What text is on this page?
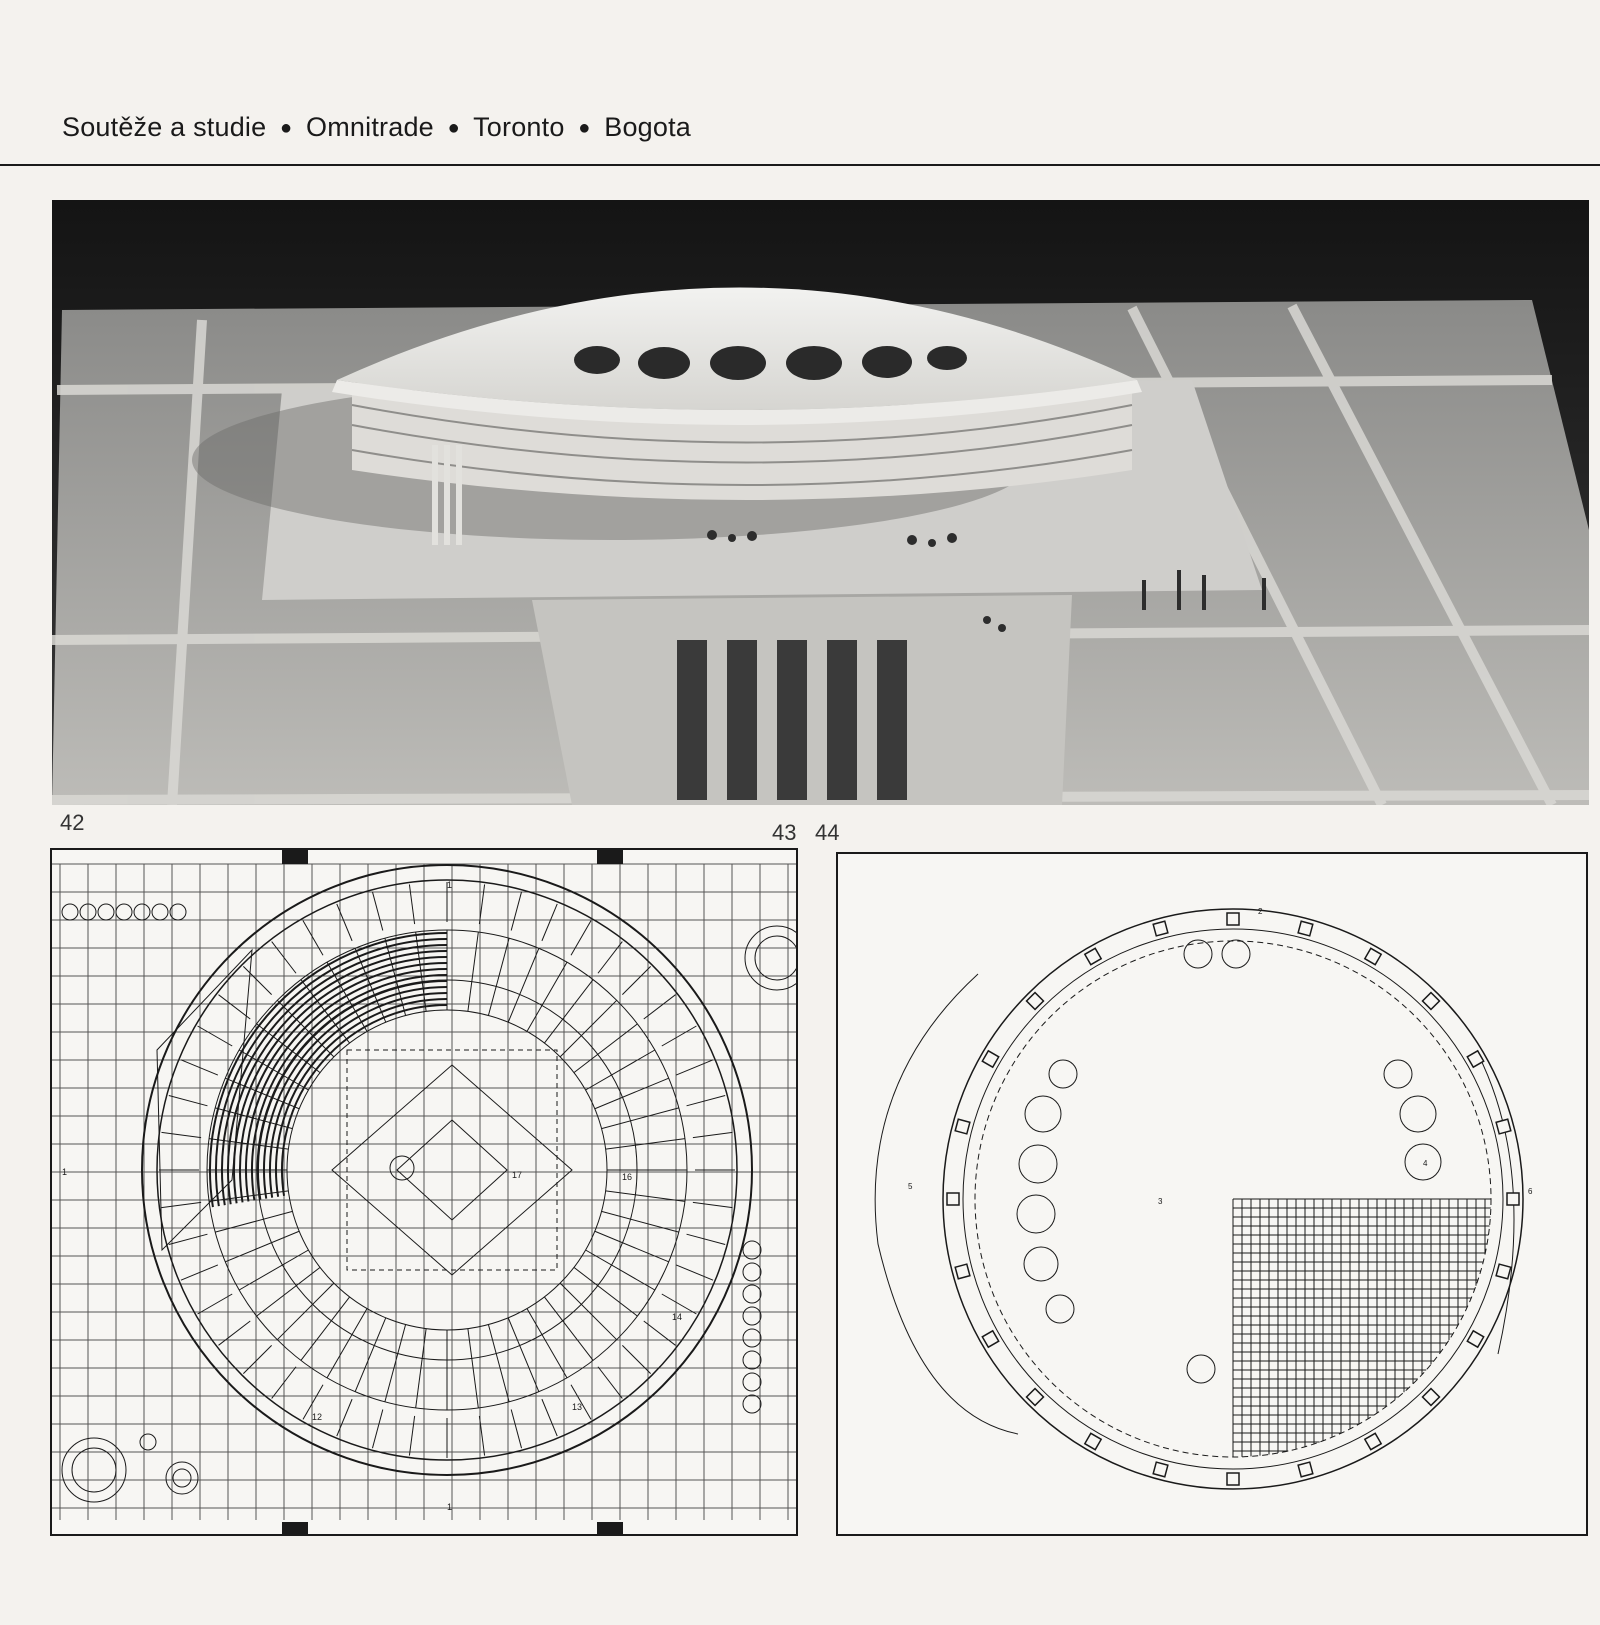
Soutěže a studie ● Omnitrade ● Toronto ● Bogota
42	43 44
1
1
1	17	16
14
13
12
2
3
4
5
6
